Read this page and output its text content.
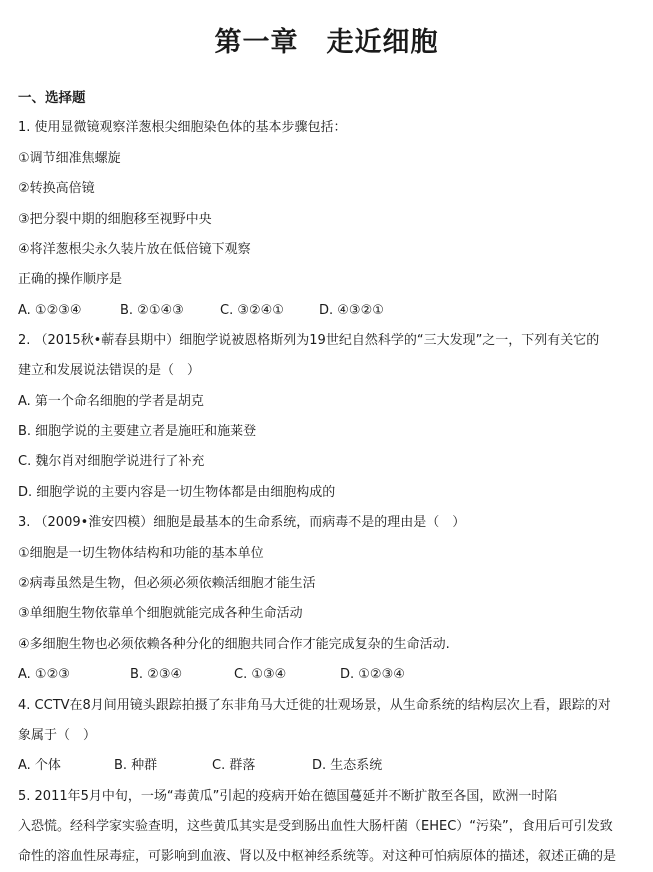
第一章　走近细胞
一、选择题
1. 使用显微镜观察洋葱根尖细胞染色体的基本步骤包括：
①调节细准焦螺旋
②转换高倍镜
③把分裂中期的细胞移至视野中央
④将洋葱根尖永久装片放在低倍镜下观察
正确的操作顺序是
A. ①②③④	B. ②①④③	C. ③②④①	D. ④③②①
2. （2015秋•蕲春县期中）细胞学说被恩格斯列为19世纪自然科学的“三大发现”之一，下列有关它的
建立和发展说法错误的是（　）
A. 第一个命名细胞的学者是胡克
B. 细胞学说的主要建立者是施旺和施莱登
C. 魏尔肖对细胞学说进行了补充
D. 细胞学说的主要内容是一切生物体都是由细胞构成的
3. （2009•淮安四模）细胞是最基本的生命系统，而病毒不是的理由是（　）
①细胞是一切生物体结构和功能的基本单位
②病毒虽然是生物，但必须必须依赖活细胞才能生活
③单细胞生物依靠单个细胞就能完成各种生命活动
④多细胞生物也必须依赖各种分化的细胞共同合作才能完成复杂的生命活动.
A. ①②③	B. ②③④	C. ①③④	D. ①②③④
4. CCTV在8月间用镜头跟踪拍摄了东非角马大迁徙的壮观场景，从生命系统的结构层次上看，跟踪的对
象属于（　）
A. 个体	B. 种群	C. 群落	D. 生态系统
5. 2011年5月中旬，一场“毒黄瓜”引起的疫病开始在德国蔓延并不断扩散至各国，欧洲一时陷
入恐慌。经科学家实验查明，这些黄瓜其实是受到肠出血性大肠杆菌（EHEC）“污染”，食用后可引发致
命性的溶血性尿毒症，可影响到血液、肾以及中枢神经系统等。对这种可怕病原体的描述，叙述正确的是
